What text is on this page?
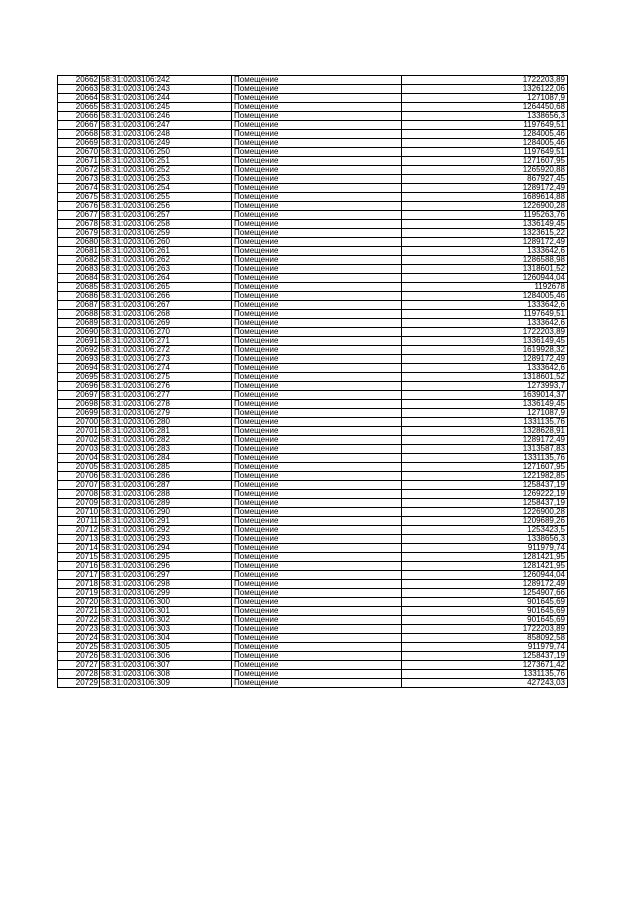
20662	58:31:0203106:242	Помещение	1722203,89
20663	58:31:0203106:243	Помещение	1326122,06
20664	58:31:0203106:244	Помещение	1271087,9
20665	58:31:0203106:245	Помещение	1264450,68
20666	58:31:0203106:246	Помещение	1338656,3
20667	58:31:0203106:247	Помещение	1197649,51
20668	58:31:0203106:248	Помещение	1284005,46
20669	58:31:0203106:249	Помещение	1284005,46
20670	58:31:0203106:250	Помещение	1197649,51
20671	58:31:0203106:251	Помещение	1271607,95
20672	58:31:0203106:252	Помещение	1265920,88
20673	58:31:0203106:253	Помещение	867927,45
20674	58:31:0203106:254	Помещение	1289172,49
20675	58:31:0203106:255	Помещение	1689614,88
20676	58:31:0203106:256	Помещение	1226900,28
20677	58:31:0203106:257	Помещение	1195263,76
20678	58:31:0203106:258	Помещение	1336149,45
20679	58:31:0203106:259	Помещение	1323615,22
20680	58:31:0203106:260	Помещение	1289172,49
20681	58:31:0203106:261	Помещение	1333642,6
20682	58:31:0203106:262	Помещение	1286588,98
20683	58:31:0203106:263	Помещение	1318601,52
20684	58:31:0203106:264	Помещение	1260944,04
20685	58:31:0203106:265	Помещение	1192678
20686	58:31:0203106:266	Помещение	1284005,46
20687	58:31:0203106:267	Помещение	1333642,6
20688	58:31:0203106:268	Помещение	1197649,51
20689	58:31:0203106:269	Помещение	1333642,6
20690	58:31:0203106:270	Помещение	1722203,89
20691	58:31:0203106:271	Помещение	1336149,45
20692	58:31:0203106:272	Помещение	1619928,32
20693	58:31:0203106:273	Помещение	1289172,49
20694	58:31:0203106:274	Помещение	1333642,6
20695	58:31:0203106:275	Помещение	1318601,52
20696	58:31:0203106:276	Помещение	1273993,7
20697	58:31:0203106:277	Помещение	1639014,37
20698	58:31:0203106:278	Помещение	1336149,45
20699	58:31:0203106:279	Помещение	1271087,9
20700	58:31:0203106:280	Помещение	1331135,76
20701	58:31:0203106:281	Помещение	1328628,91
20702	58:31:0203106:282	Помещение	1289172,49
20703	58:31:0203106:283	Помещение	1313587,83
20704	58:31:0203106:284	Помещение	1331135,76
20705	58:31:0203106:285	Помещение	1271607,95
20706	58:31:0203106:286	Помещение	1221982,85
20707	58:31:0203106:287	Помещение	1258437,19
20708	58:31:0203106:288	Помещение	1269222,19
20709	58:31:0203106:289	Помещение	1258437,19
20710	58:31:0203106:290	Помещение	1226900,28
20711	58:31:0203106:291	Помещение	1209689,26
20712	58:31:0203106:292	Помещение	1253423,5
20713	58:31:0203106:293	Помещение	1338656,3
20714	58:31:0203106:294	Помещение	911979,74
20715	58:31:0203106:295	Помещение	1281421,95
20716	58:31:0203106:296	Помещение	1281421,95
20717	58:31:0203106:297	Помещение	1260944,04
20718	58:31:0203106:298	Помещение	1289172,49
20719	58:31:0203106:299	Помещение	1254907,66
20720	58:31:0203106:300	Помещение	901645,69
20721	58:31:0203106:301	Помещение	901645,69
20722	58:31:0203106:302	Помещение	901645,69
20723	58:31:0203106:303	Помещение	1722203,89
20724	58:31:0203106:304	Помещение	858092,58
20725	58:31:0203106:305	Помещение	911979,74
20726	58:31:0203106:306	Помещение	1258437,19
20727	58:31:0203106:307	Помещение	1273671,42
20728	58:31:0203106:308	Помещение	1331135,76
20729	58:31:0203106:309	Помещение	427243,03
